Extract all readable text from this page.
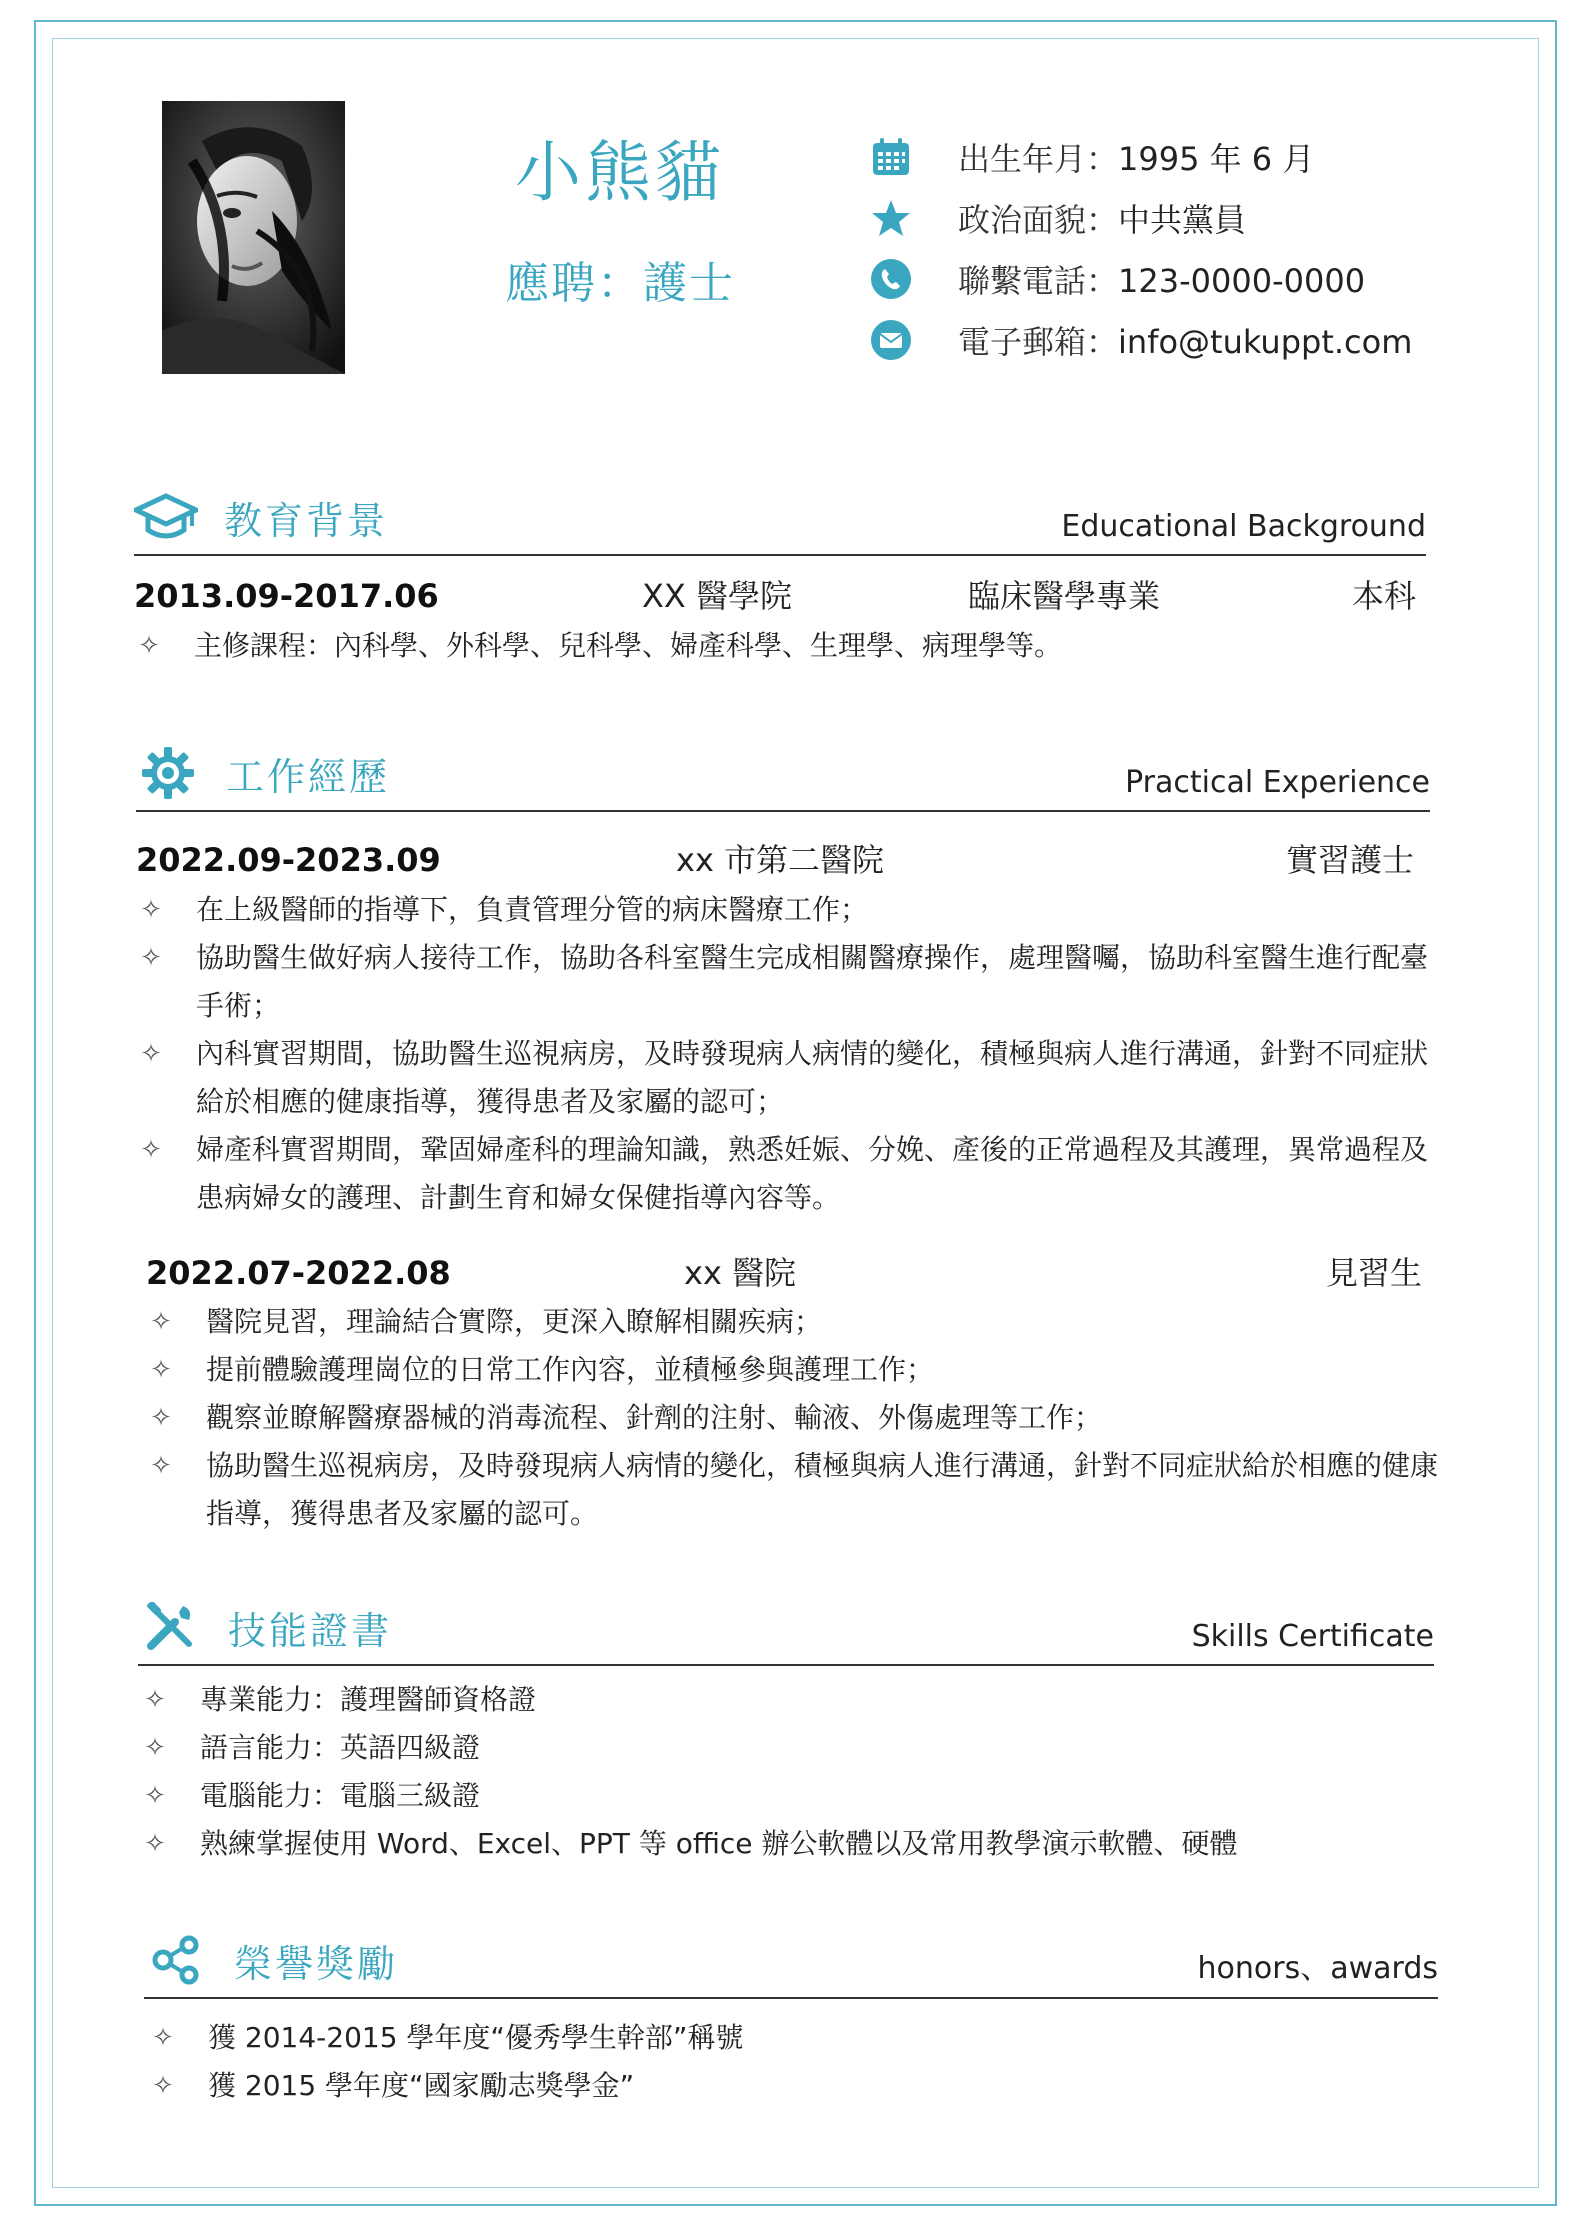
小熊貓
應聘：護士
出生年月：1995 年 6 月
政治面貌：中共黨員
聯繫電話：123-0000-0000
電子郵箱：info@tukuppt.com
教育背景	Educational Background
2013.09-2017.06	XX 醫學院	臨床醫學專業	本科
✧ 主修課程：內科學、外科學、兒科學、婦產科學、生理學、病理學等。
工作經歷	Practical Experience
2022.09-2023.09	xx 市第二醫院	實習護士
✧ 在上級醫師的指導下，負責管理分管的病床醫療工作；
✧ 協助醫生做好病人接待工作，協助各科室醫生完成相關醫療操作，處理醫囑，協助科室醫生進行配臺手術；
✧ 內科實習期間，協助醫生巡視病房，及時發現病人病情的變化，積極與病人進行溝通，針對不同症狀給於相應的健康指導，獲得患者及家屬的認可；
✧ 婦產科實習期間，鞏固婦產科的理論知識，熟悉妊娠、分娩、產後的正常過程及其護理，異常過程及患病婦女的護理、計劃生育和婦女保健指導內容等。
2022.07-2022.08	xx 醫院	見習生
✧ 醫院見習，理論結合實際，更深入瞭解相關疾病；
✧ 提前體驗護理崗位的日常工作內容，並積極參與護理工作；
✧ 觀察並瞭解醫療器械的消毒流程、針劑的注射、輸液、外傷處理等工作；
✧ 協助醫生巡視病房，及時發現病人病情的變化，積極與病人進行溝通，針對不同症狀給於相應的健康指導，獲得患者及家屬的認可。
技能證書	Skills Certificate
✧ 專業能力：護理醫師資格證
✧ 語言能力：英語四級證
✧ 電腦能力：電腦三級證
✧ 熟練掌握使用 Word、Excel、PPT 等 office 辦公軟體以及常用教學演示軟體、硬體
榮譽獎勵	honors、awards
✧ 獲 2014-2015 學年度“優秀學生幹部”稱號
✧ 獲 2015 學年度“國家勵志獎學金”
